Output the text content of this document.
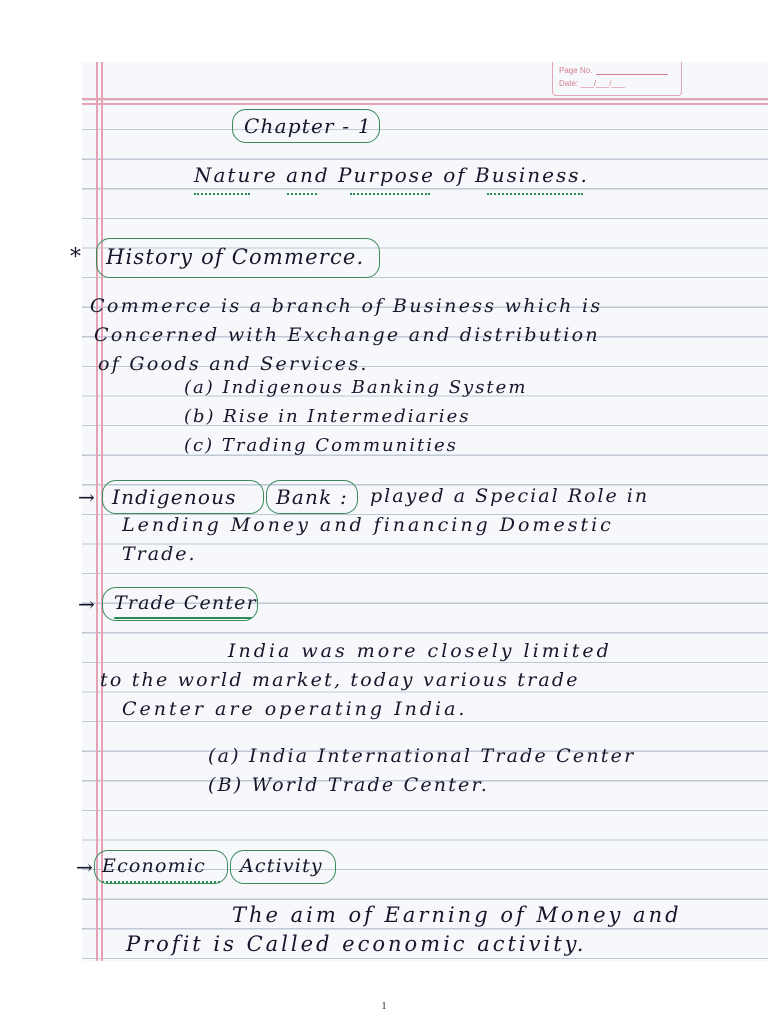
Page No.
Date: ___/___/___
Chapter - 1
Nature and Purpose of Business.
* History of Commerce.
Commerce is a branch of Business which is
Concerned with Exchange and distribution
of Goods and Services.
(a) Indigenous Banking System
(b) Rise in Intermediaries
(c) Trading Communities
→ Indigenous Bank : played a Special Role in
Lending Money and financing Domestic
Trade.
→ Trade Center
India was more closely limited
to the world market, today various trade
Center are operating India.
(a) India International Trade Center
(B) World Trade Center.
→ Economic Activity
The aim of Earning of Money and
Profit is Called economic activity.
1
